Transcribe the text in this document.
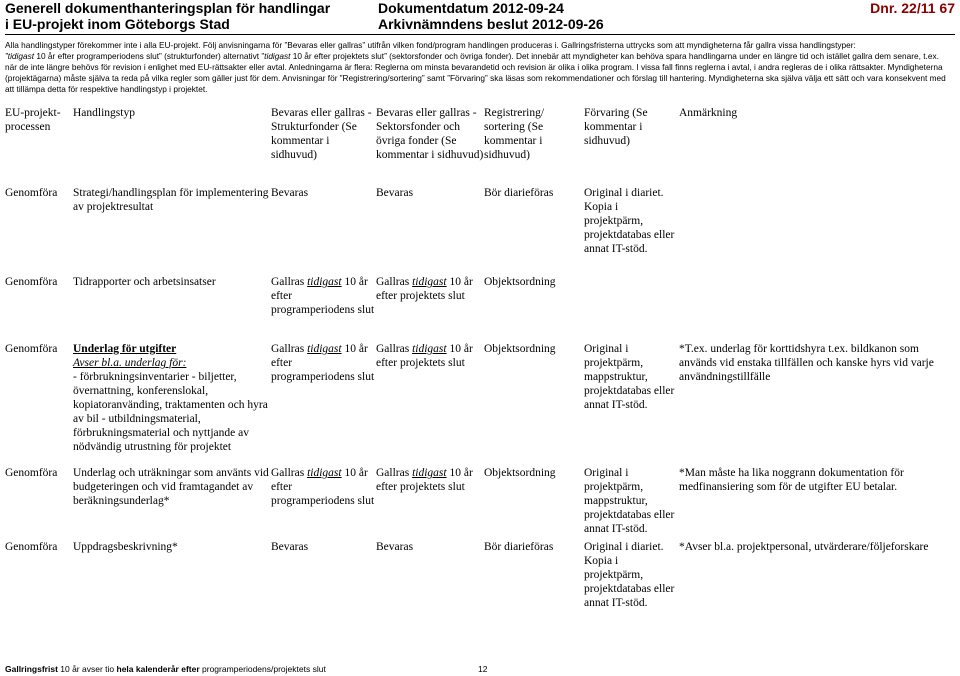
Generell dokumenthanteringsplan för handlingar
i EU-projekt inom Göteborgs Stad
Dokumentdatum 2012-09-24
Arkivnämndens beslut 2012-09-26
Dnr. 22/11 67

Alla handlingstyper förekommer inte i alla EU-projekt. Följ anvisningarna för ”Bevaras eller gallras” utifrån vilken fond/program handlingen produceras i. Gallringsfristerna uttrycks som att myndigheterna får gallra vissa handlingstyper:

”tidigast 10 år efter programperiodens slut” (strukturfonder) alternativt ”tidigast 10 år efter projektets slut” (sektorsfonder och övriga fonder). Det innebär att myndigheter kan behöva spara handlingarna under en längre tid och istället gallra dem senare, t.ex. när de inte längre behövs för revision i enlighet med EU-rättsakter eller avtal. Anledningarna är flera: Reglerna om minsta bevarandetid och revision är olika i olika program. I vissa fall finns reglerna i avtal, i andra regleras de i olika rättsakter. Myndigheterna (projektägarna) måste själva ta reda på vilka regler som gäller just för dem. Anvisningar för ”Registrering/sortering” samt ”Förvaring” ska läsas som rekommendationer och förslag till hantering. Myndigheterna ska själva välja ett sätt och vara konsekvent med att tillämpa detta för respektive handlingstyp i projektet.

EU-projekt-processen	Handlingstyp	Bevaras eller gallras - Strukturfonder (Se kommentar i sidhuvud)	Bevaras eller gallras - Sektorsfonder och övriga fonder (Se kommentar i sidhuvud)	Registrering/ sortering (Se kommentar i sidhuvud)	Förvaring (Se kommentar i sidhuvud)	Anmärkning

Genomföra	Strategi/handlingsplan för implementering av projektresultat	Bevaras	Bevaras	Bör diarieföras	Original i diariet. Kopia i projektpärm, projektdatabas eller annat IT-stöd.	

Genomföra	Tidrapporter och arbetsinsatser	Gallras tidigast 10 år efter programperiodens slut	Gallras tidigast 10 år efter projektets slut	Objektsordning		

Genomföra	Underlag för utgifter
Avser bl.a. underlag för:
- förbrukningsinventarier - biljetter, övernattning, konferenslokal, kopiatoranvänding, traktamenten och hyra av bil - utbildningsmaterial, förbrukningsmaterial och nyttjande av nödvändig utrustning för projektet	Gallras tidigast 10 år efter programperiodens slut	Gallras tidigast 10 år efter projektets slut	Objektsordning	Original i projektpärm, mappstruktur, projektdatabas eller annat IT-stöd.	*T.ex. underlag för korttidshyra t.ex. bildkanon som används vid enstaka tillfällen och kanske hyrs vid varje användningstillfälle

Genomföra	Underlag och uträkningar som använts vid budgeteringen och vid framtagandet av beräkningsunderlag*	Gallras tidigast 10 år efter programperiodens slut	Gallras tidigast 10 år efter projektets slut	Objektsordning	Original i projektpärm, mappstruktur, projektdatabas eller annat IT-stöd.	*Man måste ha lika noggrann dokumentation för medfinansiering som för de utgifter EU betalar.

Genomföra	Uppdragsbeskrivning*	Bevaras	Bevaras	Bör diarieföras	Original i diariet. Kopia i projektpärm, projektdatabas eller annat IT-stöd.	*Avser bl.a. projektpersonal, utvärderare/följeforskare
Gallringsfrist 10 år avser tio hela kalenderår efter programperiodens/projektets slut	12
